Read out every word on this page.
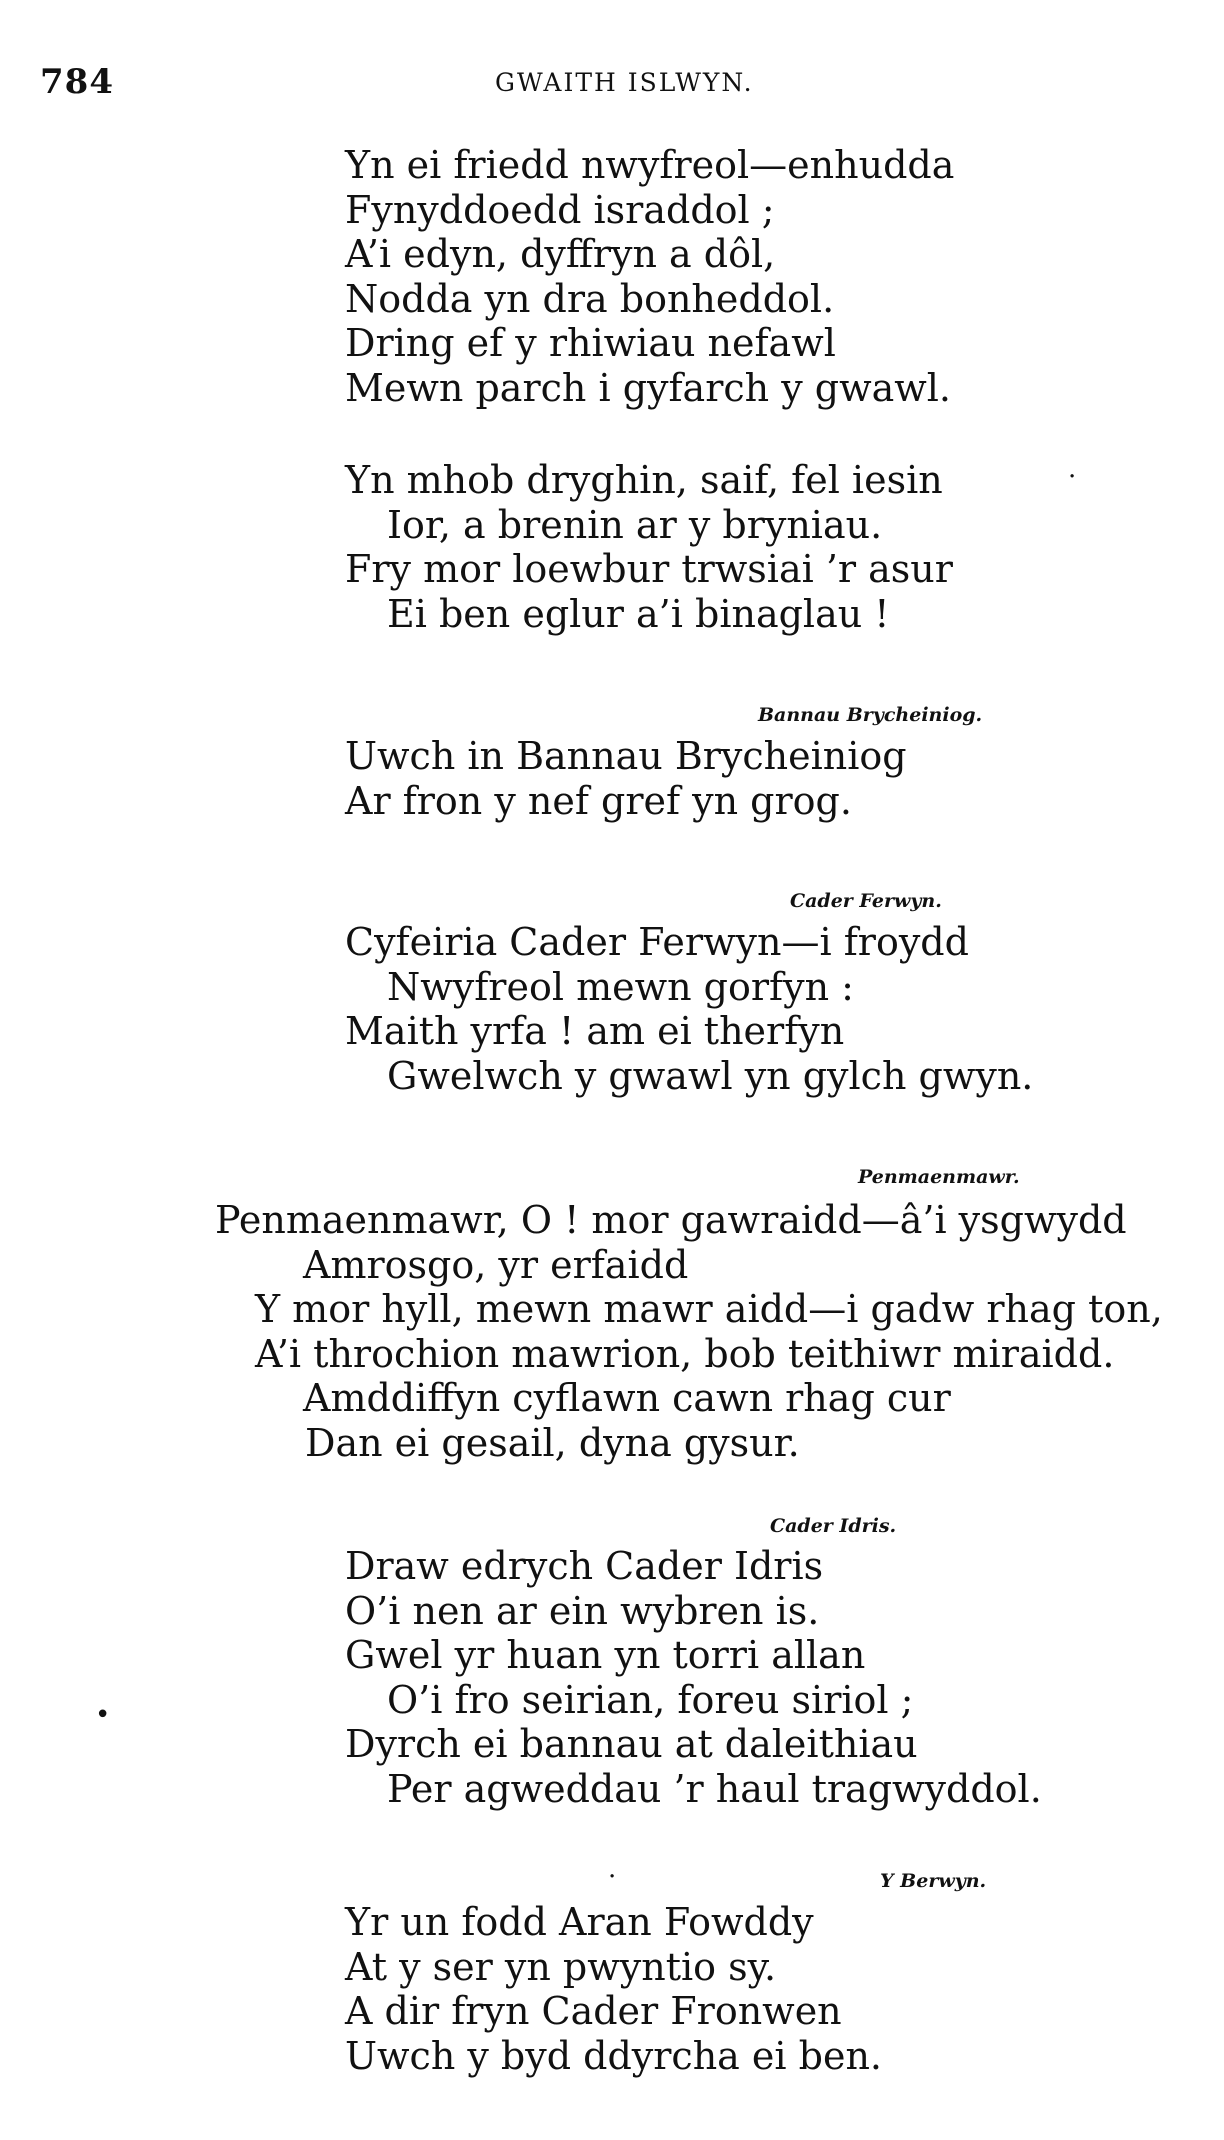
784	GWAITH ISLWYN.
Yn ei friedd nwyfreol—enhudda
Fynyddoedd israddol ;
A’i edyn, dyffryn a dôl,
Nodda yn dra bonheddol.
Dring ef y rhiwiau nefawl
Mewn parch i gyfarch y gwawl.
Yn mhob dryghin, saif, fel iesin
Ior, a brenin ar y bryniau.
Fry mor loewbur trwsiai ’r asur
Ei ben eglur a’i binaglau !
Bannau Brycheiniog.
Uwch in Bannau Brycheiniog
Ar fron y nef gref yn grog.
Cader Ferwyn.
Cyfeiria Cader Ferwyn—i froydd
Nwyfreol mewn gorfyn :
Maith yrfa ! am ei therfyn
Gwelwch y gwawl yn gylch gwyn.
Penmaenmawr.
Penmaenmawr, O ! mor gawraidd—â’i ysgwydd
Amrosgo, yr erfaidd
Y mor hyll, mewn mawr aidd—i gadw rhag ton,
A’i throchion mawrion, bob teithiwr miraidd.
Amddiffyn cyflawn cawn rhag cur
Dan ei gesail, dyna gysur.
Cader Idris.
Draw edrych Cader Idris
O’i nen ar ein wybren is.
Gwel yr huan yn torri allan
O’i fro seirian, foreu siriol ;
Dyrch ei bannau at daleithiau
Per agweddau ’r haul tragwyddol.
Y Berwyn.
Yr un fodd Aran Fowddy
At y ser yn pwyntio sy.
A dir fryn Cader Fronwen
Uwch y byd ddyrcha ei ben.
·
•
·
